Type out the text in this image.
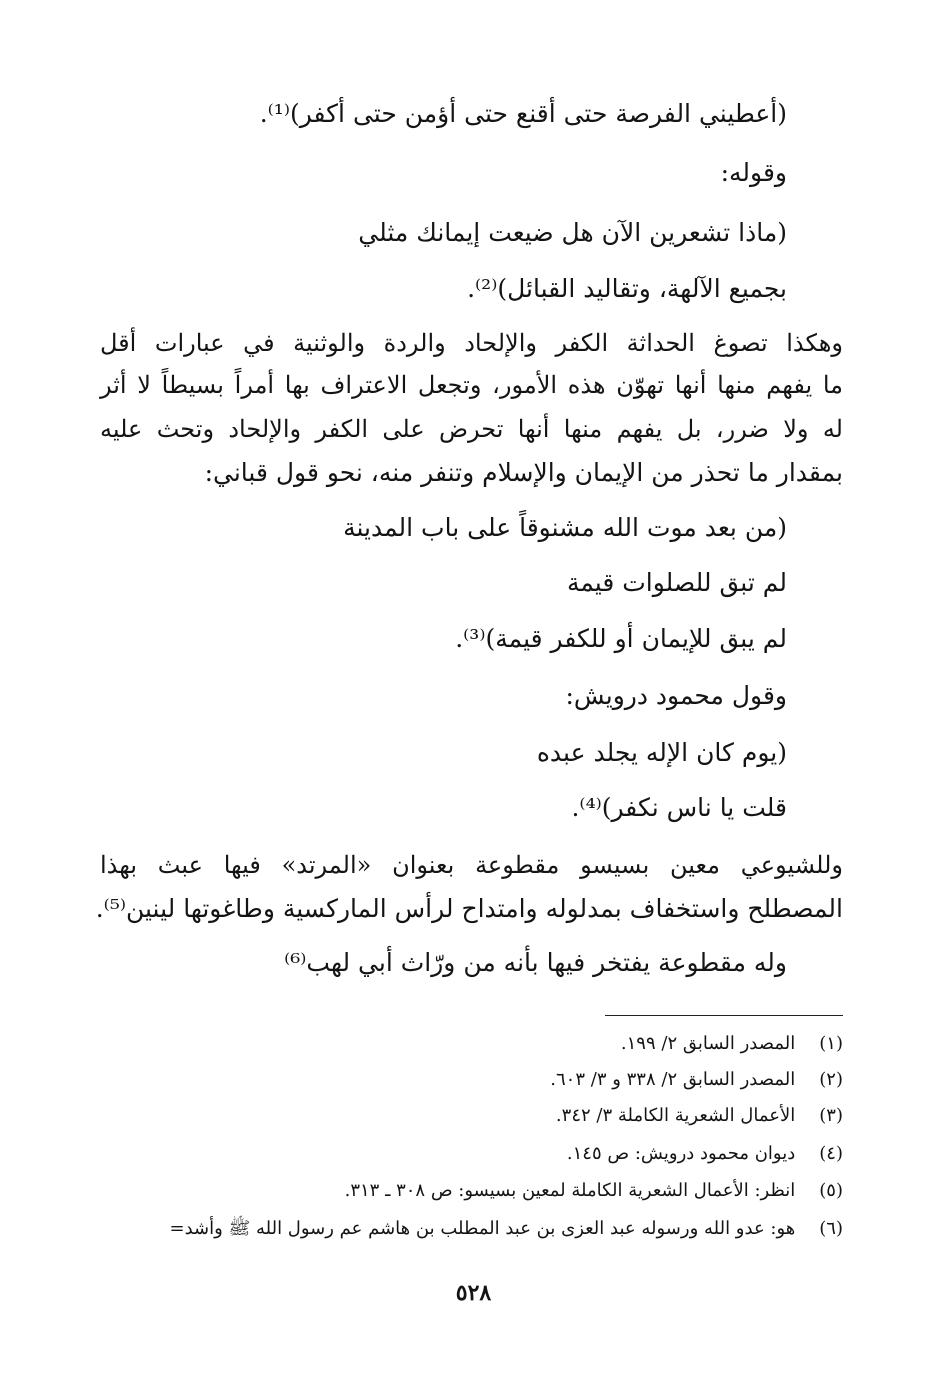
(أعطيني الفرصة حتى أقنع حتى أؤمن حتى أكفر)⁽¹⁾.
وقوله:
(ماذا تشعرين الآن هل ضيعت إيمانك مثلي
بجميع الآلهة، وتقاليد القبائل)⁽²⁾.
وهكذا تصوغ الحداثة الكفر والإلحاد والردة والوثنية في عبارات أقل
ما يفهم منها أنها تهوّن هذه الأمور، وتجعل الاعتراف بها أمراً بسيطاً لا أثر
له ولا ضرر، بل يفهم منها أنها تحرض على الكفر والإلحاد وتحث عليه
بمقدار ما تحذر من الإيمان والإسلام وتنفر منه، نحو قول قباني:
(من بعد موت الله مشنوقاً على باب المدينة
لم تبق للصلوات قيمة
لم يبق للإيمان أو للكفر قيمة)⁽³⁾.
وقول محمود درويش:
(يوم كان الإله يجلد عبده
قلت يا ناس نكفر)⁽⁴⁾.
وللشيوعي معين بسيسو مقطوعة بعنوان «المرتد» فيها عبث بهذا
المصطلح واستخفاف بمدلوله وامتداح لرأس الماركسية وطاغوتها لينين⁽⁵⁾.
وله مقطوعة يفتخر فيها بأنه من ورّاث أبي لهب⁽⁶⁾
(١) المصدر السابق ٢/ ١٩٩.
(٢) المصدر السابق ٢/ ٣٣٨ و ٣/ ٦٠٣.
(٣) الأعمال الشعرية الكاملة ٣/ ٣٤٢.
(٤) ديوان محمود درويش: ص ١٤٥.
(٥) انظر: الأعمال الشعرية الكاملة لمعين بسيسو: ص ٣٠٨ ـ ٣١٣.
(٦) هو: عدو الله ورسوله عبد العزى بن عبد المطلب بن هاشم عم رسول الله ﷺ وأشد=
٥٢٨
